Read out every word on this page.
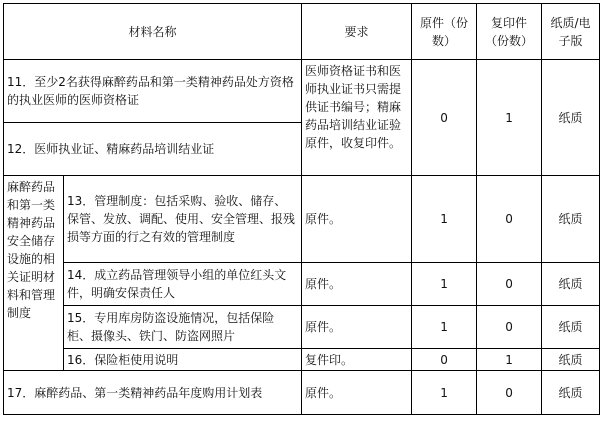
材料名称		要求	原件（份数）	复印件（份数）	纸质/电子版
11．至少2名获得麻醉药品和第一类精神药品处方资格的执业医师的医师资格证		医师资格证书和医师执业证书只需提供证书编号；精麻药品培训结业证验原件，收复印件。	0	1	纸质
12．医师执业证、精麻药品培训结业证					
麻醉药品和第一类精神药品安全储存设施的相关证明材料和管理制度	13．管理制度：包括采购、验收、储存、保管、发放、调配、使用、安全管理、报残损等方面的行之有效的管理制度	原件。	1	0	纸质
	14．成立药品管理领导小组的单位红头文件，明确安保责任人	原件。	1	0	纸质
	15．专用库房防盗设施情况，包括保险柜、摄像头、铁门、防盗网照片	原件。	1	0	纸质
	16．保险柜使用说明	复件印。	0	1	纸质
17．麻醉药品、第一类精神药品年度购用计划表		原件。	1	0	纸质
